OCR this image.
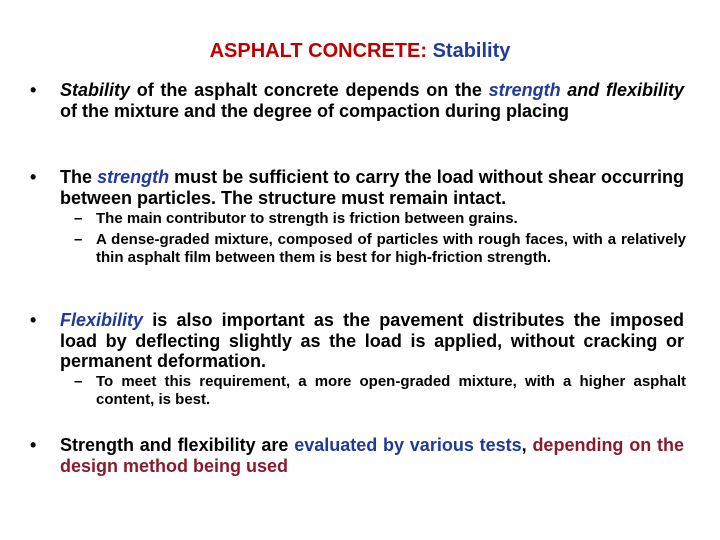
ASPHALT CONCRETE: Stability
• Stability of the asphalt concrete depends on the strength and flexibility of the mixture and the degree of compaction during placing
• The strength must be sufficient to carry the load without shear occurring between particles. The structure must remain intact.
– The main contributor to strength is friction between grains.
– A dense-graded mixture, composed of particles with rough faces, with a relatively thin asphalt film between them is best for high-friction strength.
• Flexibility is also important as the pavement distributes the imposed load by deflecting slightly as the load is applied, without cracking or permanent deformation.
– To meet this requirement, a more open-graded mixture, with a higher asphalt content, is best.
• Strength and flexibility are evaluated by various tests, depending on the design method being used
